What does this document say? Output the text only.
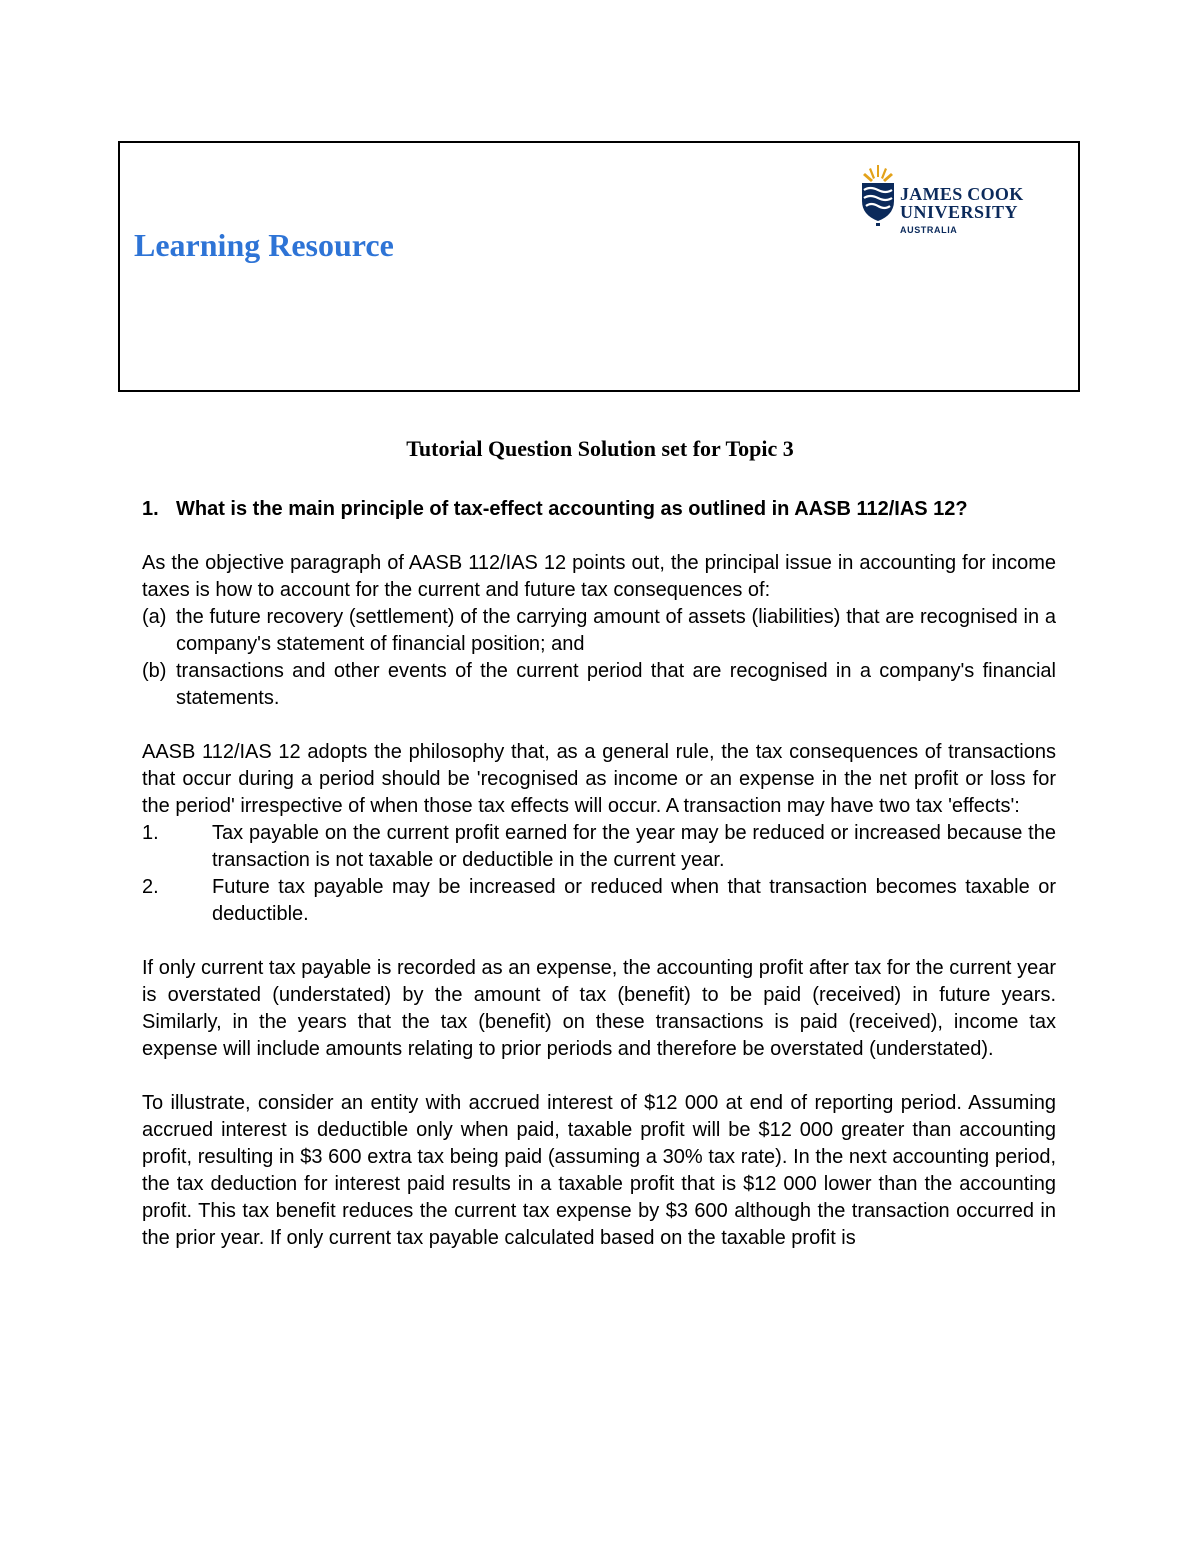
Learning Resource
JAMES COOK
UNIVERSITY
AUSTRALIA
Tutorial Question Solution set for Topic 3
1. What is the main principle of tax-effect accounting as outlined in AASB 112/IAS 12?

As the objective paragraph of AASB 112/IAS 12 points out, the principal issue in accounting for income taxes is how to account for the current and future tax consequences of:

(a) the future recovery (settlement) of the carrying amount of assets (liabilities) that are recognised in a company's statement of financial position; and
(b) transactions and other events of the current period that are recognised in a company's financial statements.

AASB 112/IAS 12 adopts the philosophy that, as a general rule, the tax consequences of transactions that occur during a period should be 'recognised as income or an expense in the net profit or loss for the period' irrespective of when those tax effects will occur. A transaction may have two tax 'effects':

1.	Tax payable on the current profit earned for the year may be reduced or increased because the transaction is not taxable or deductible in the current year.
2.	Future tax payable may be increased or reduced when that transaction becomes taxable or deductible.

If only current tax payable is recorded as an expense, the accounting profit after tax for the current year is overstated (understated) by the amount of tax (benefit) to be paid (received) in future years. Similarly, in the years that the tax (benefit) on these transactions is paid (received), income tax expense will include amounts relating to prior periods and therefore be overstated (understated).

To illustrate, consider an entity with accrued interest of $12 000 at end of reporting period. Assuming accrued interest is deductible only when paid, taxable profit will be $12 000 greater than accounting profit, resulting in $3 600 extra tax being paid (assuming a 30% tax rate). In the next accounting period, the tax deduction for interest paid results in a taxable profit that is $12 000 lower than the accounting profit. This tax benefit reduces the current tax expense by $3 600 although the transaction occurred in the prior year. If only current tax payable calculated based on the taxable profit is
